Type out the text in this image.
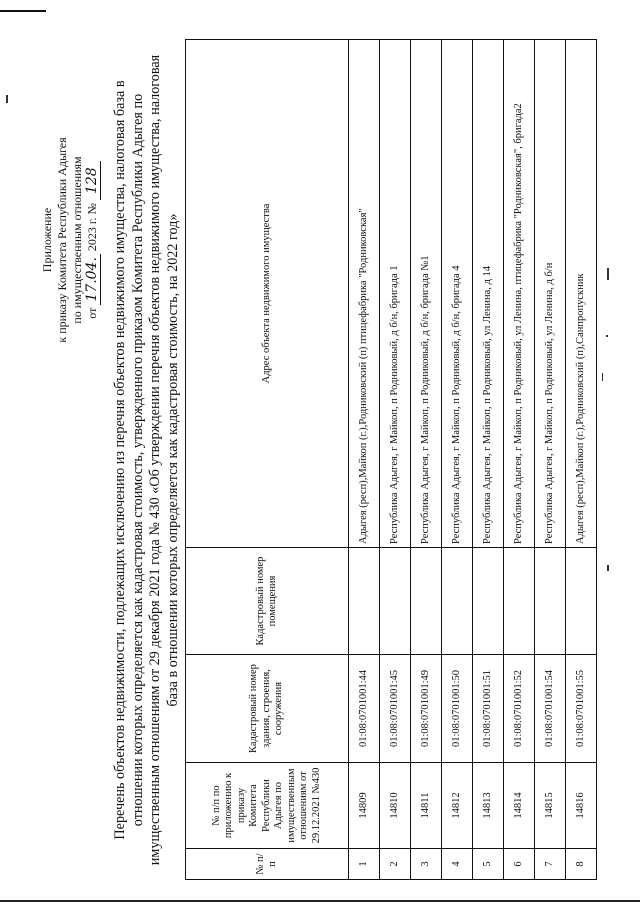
Приложение к приказу Комитета Республики Адыгея по имущественным отношениям от 17.04. 2023 г. № 128 Перечень объектов недвижимости, подлежащих исключению из перечня объектов недвижимого имущества, налоговая база в отношении которых определяется как кадастровая стоимость, утвержденного приказом Комитета Республики Адыгея по имущественным отношениям от 29 декабря 2021 года № 430 «Об утверждении перечня объектов недвижимого имущества, налоговая база в отношении которых определяется как кадастровая стоимость, на 2022 год»
№ п/п	№ п/п по приложению к приказу Комитета Республики Адыгея по имущественным отношениям от 29.12.2021 №430	Кадастровый номер здания, строения, сооружения	Кадастровый номер помещения	Адрес объекта недвижимого имущества
1	14809	01:08:0701001:44		Адыгея (респ),Майкоп (г.),Родниковский (п) птицефабрика "Родниковская"
2	14810	01:08:0701001:45		Республика Адыгея, г Майкоп, п Родниковый, д б/н, бригада 1
3	14811	01:08:0701001:49		Республика Адыгея, г Майкоп, п Родниковый, д б/н, бригада №1
4	14812	01:08:0701001:50		Республика Адыгея, г Майкоп, п Родниковый, д б/н, бригада 4
5	14813	01:08:0701001:51		Республика Адыгея, г Майкоп, п Родниковый, ул Ленина, д 14
6	14814	01:08:0701001:52		Республика Адыгея, г Майкоп, п Родниковый, ул Ленина, птицефабрика "Родниковская", бригада2
7	14815	01:08:0701001:54		Республика Адыгея, г Майкоп, п Родниковый, ул Ленина, д б/н
8	14816	01:08:0701001:55		Адыгея (респ),Майкоп (г.),Родниковский (п),Санпропускник
